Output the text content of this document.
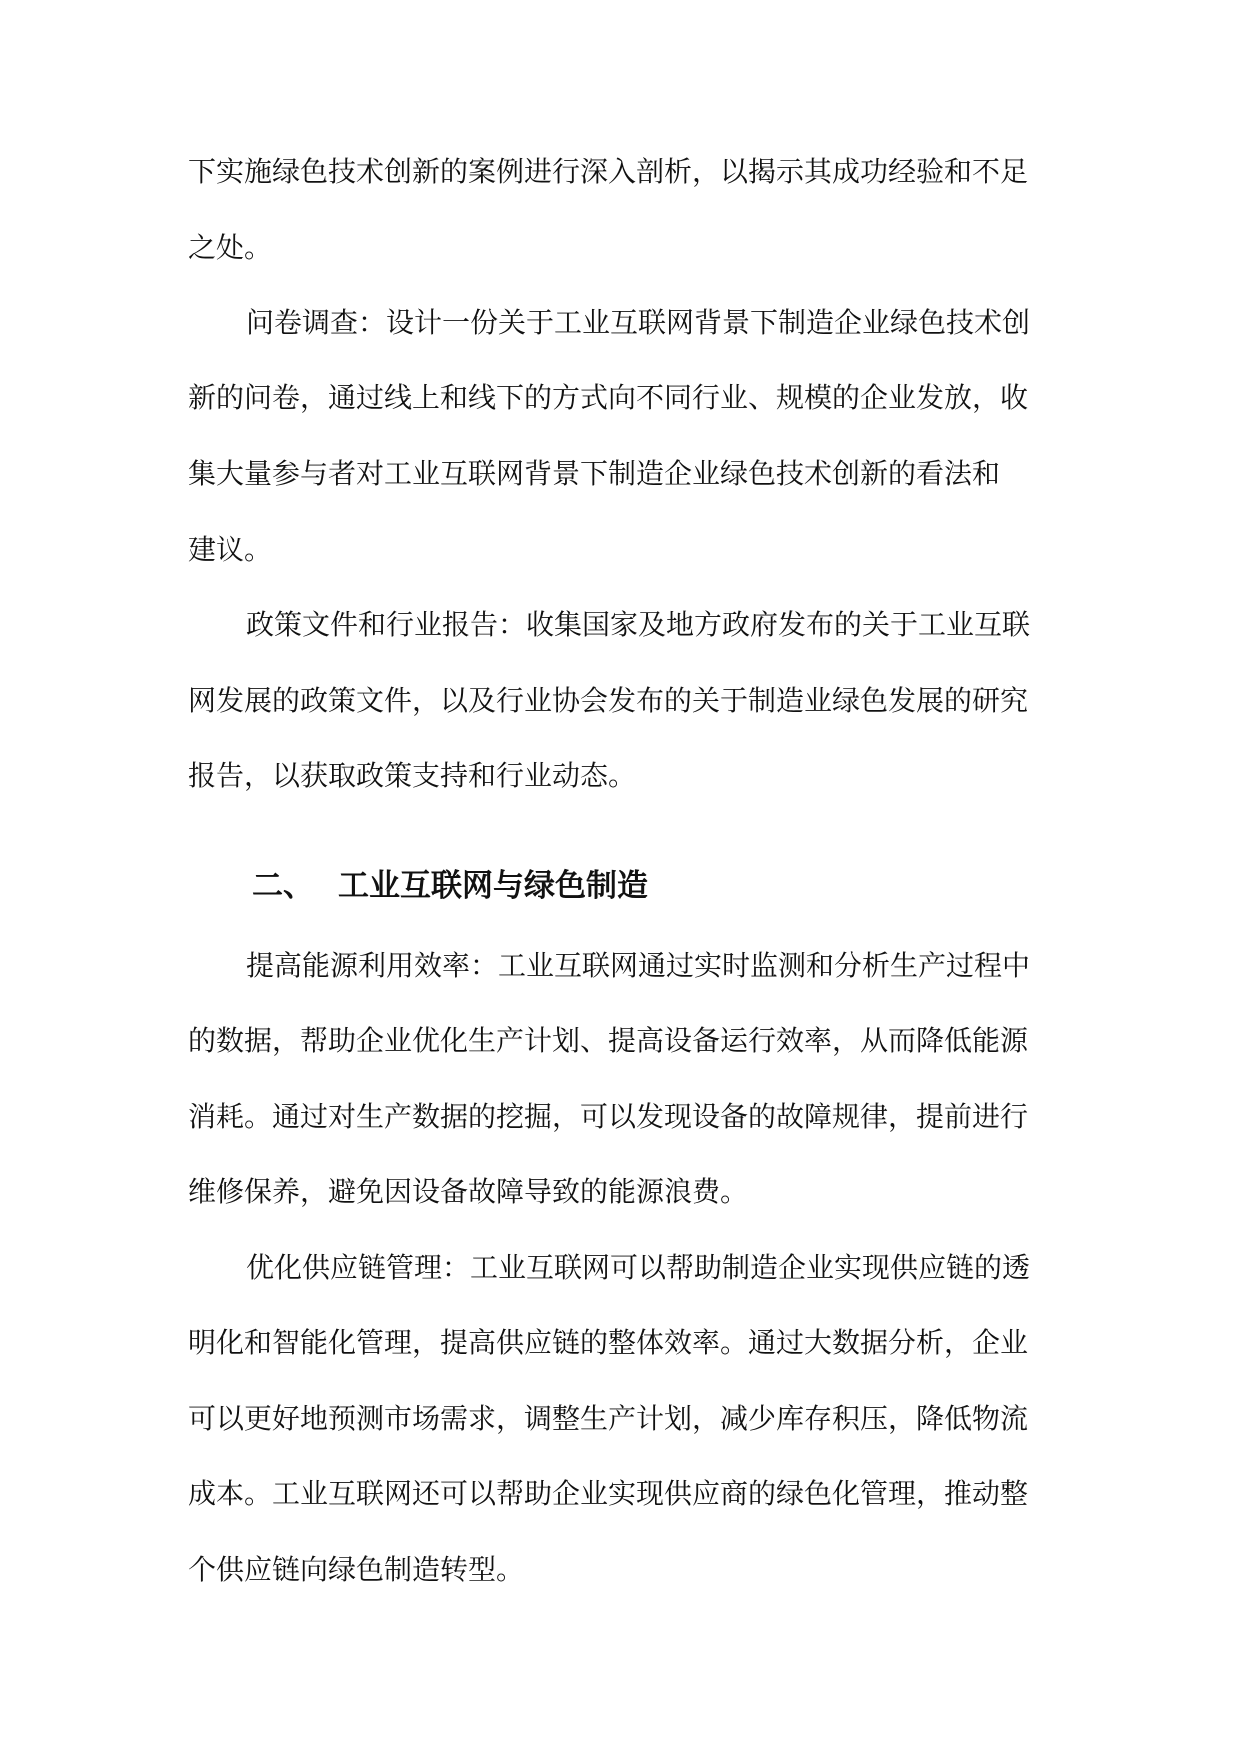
下实施绿色技术创新的案例进行深入剖析，以揭示其成功经验和不足
之处。
问卷调查：设计一份关于工业互联网背景下制造企业绿色技术创
新的问卷，通过线上和线下的方式向不同行业、规模的企业发放，收
集大量参与者对工业互联网背景下制造企业绿色技术创新的看法和
建议。
政策文件和行业报告：收集国家及地方政府发布的关于工业互联
网发展的政策文件，以及行业协会发布的关于制造业绿色发展的研究
报告，以获取政策支持和行业动态。
二、 工业互联网与绿色制造
提高能源利用效率：工业互联网通过实时监测和分析生产过程中
的数据，帮助企业优化生产计划、提高设备运行效率，从而降低能源
消耗。通过对生产数据的挖掘，可以发现设备的故障规律，提前进行
维修保养，避免因设备故障导致的能源浪费。
优化供应链管理：工业互联网可以帮助制造企业实现供应链的透
明化和智能化管理，提高供应链的整体效率。通过大数据分析，企业
可以更好地预测市场需求，调整生产计划，减少库存积压，降低物流
成本。工业互联网还可以帮助企业实现供应商的绿色化管理，推动整
个供应链向绿色制造转型。
